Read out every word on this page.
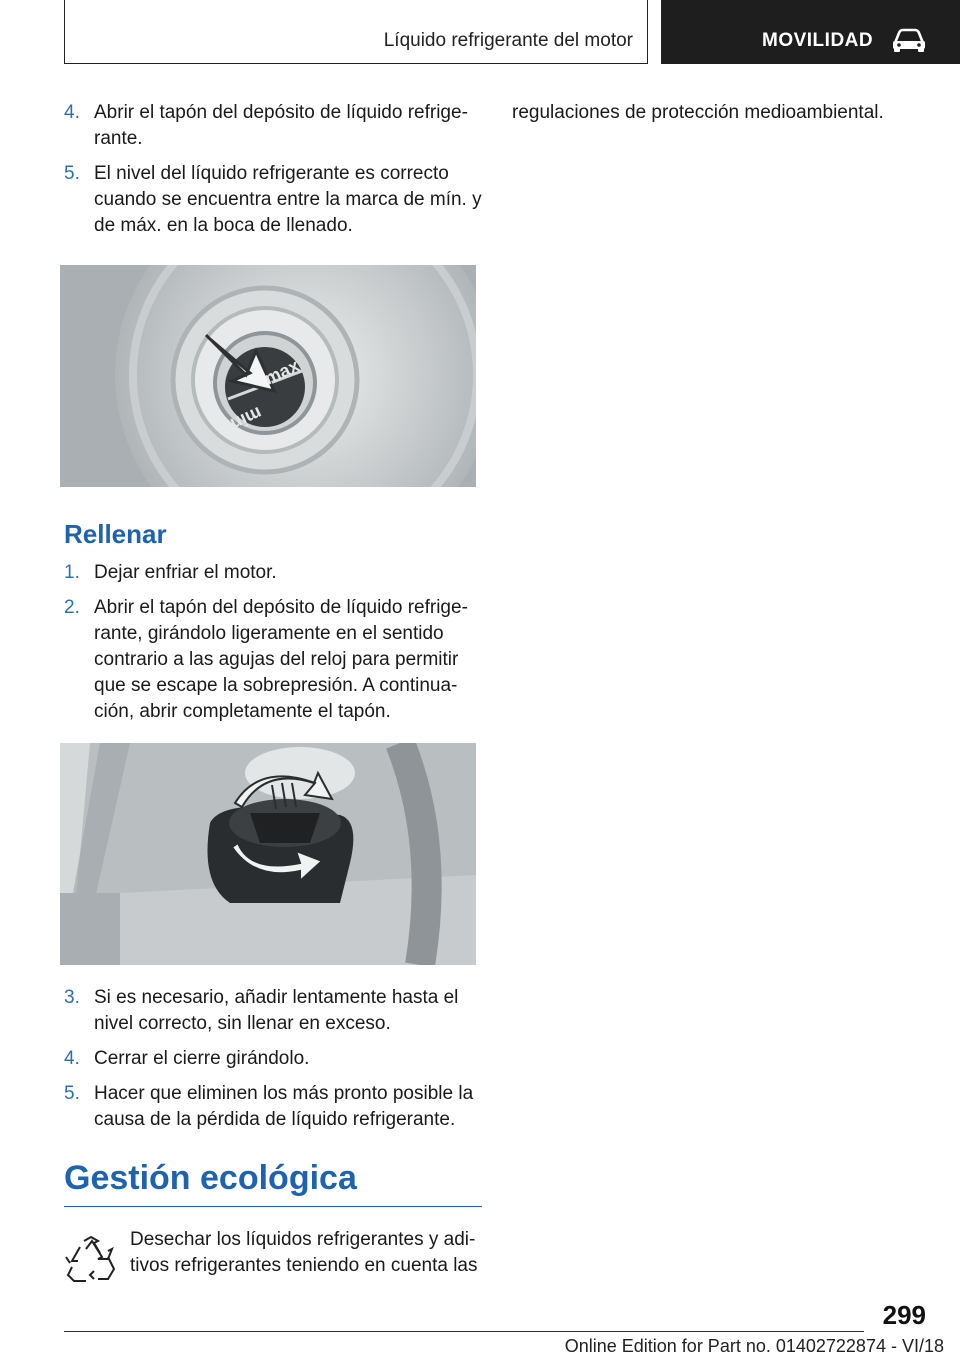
Líquido refrigerante del motor	MOVILIDAD
4. Abrir el tapón del depósito de líquido refrige-rante.
5. El nivel del líquido refrigerante es correcto cuando se encuentra entre la marca de mín. y de máx. en la boca de llenado.
max
min
Rellenar
1. Dejar enfriar el motor.
2. Abrir el tapón del depósito de líquido refrige-rante, girándolo ligeramente en el sentido contrario a las agujas del reloj para permitir que se escape la sobrepresión. A continua-ción, abrir completamente el tapón.
3. Si es necesario, añadir lentamente hasta el nivel correcto, sin llenar en exceso.
4. Cerrar el cierre girándolo.
5. Hacer que eliminen los más pronto posible la causa de la pérdida de líquido refrigerante.
Gestión ecológica
Desechar los líquidos refrigerantes y adi-tivos refrigerantes teniendo en cuenta las
regulaciones de protección medioambiental.
299
Online Edition for Part no. 01402722874 - VI/18
